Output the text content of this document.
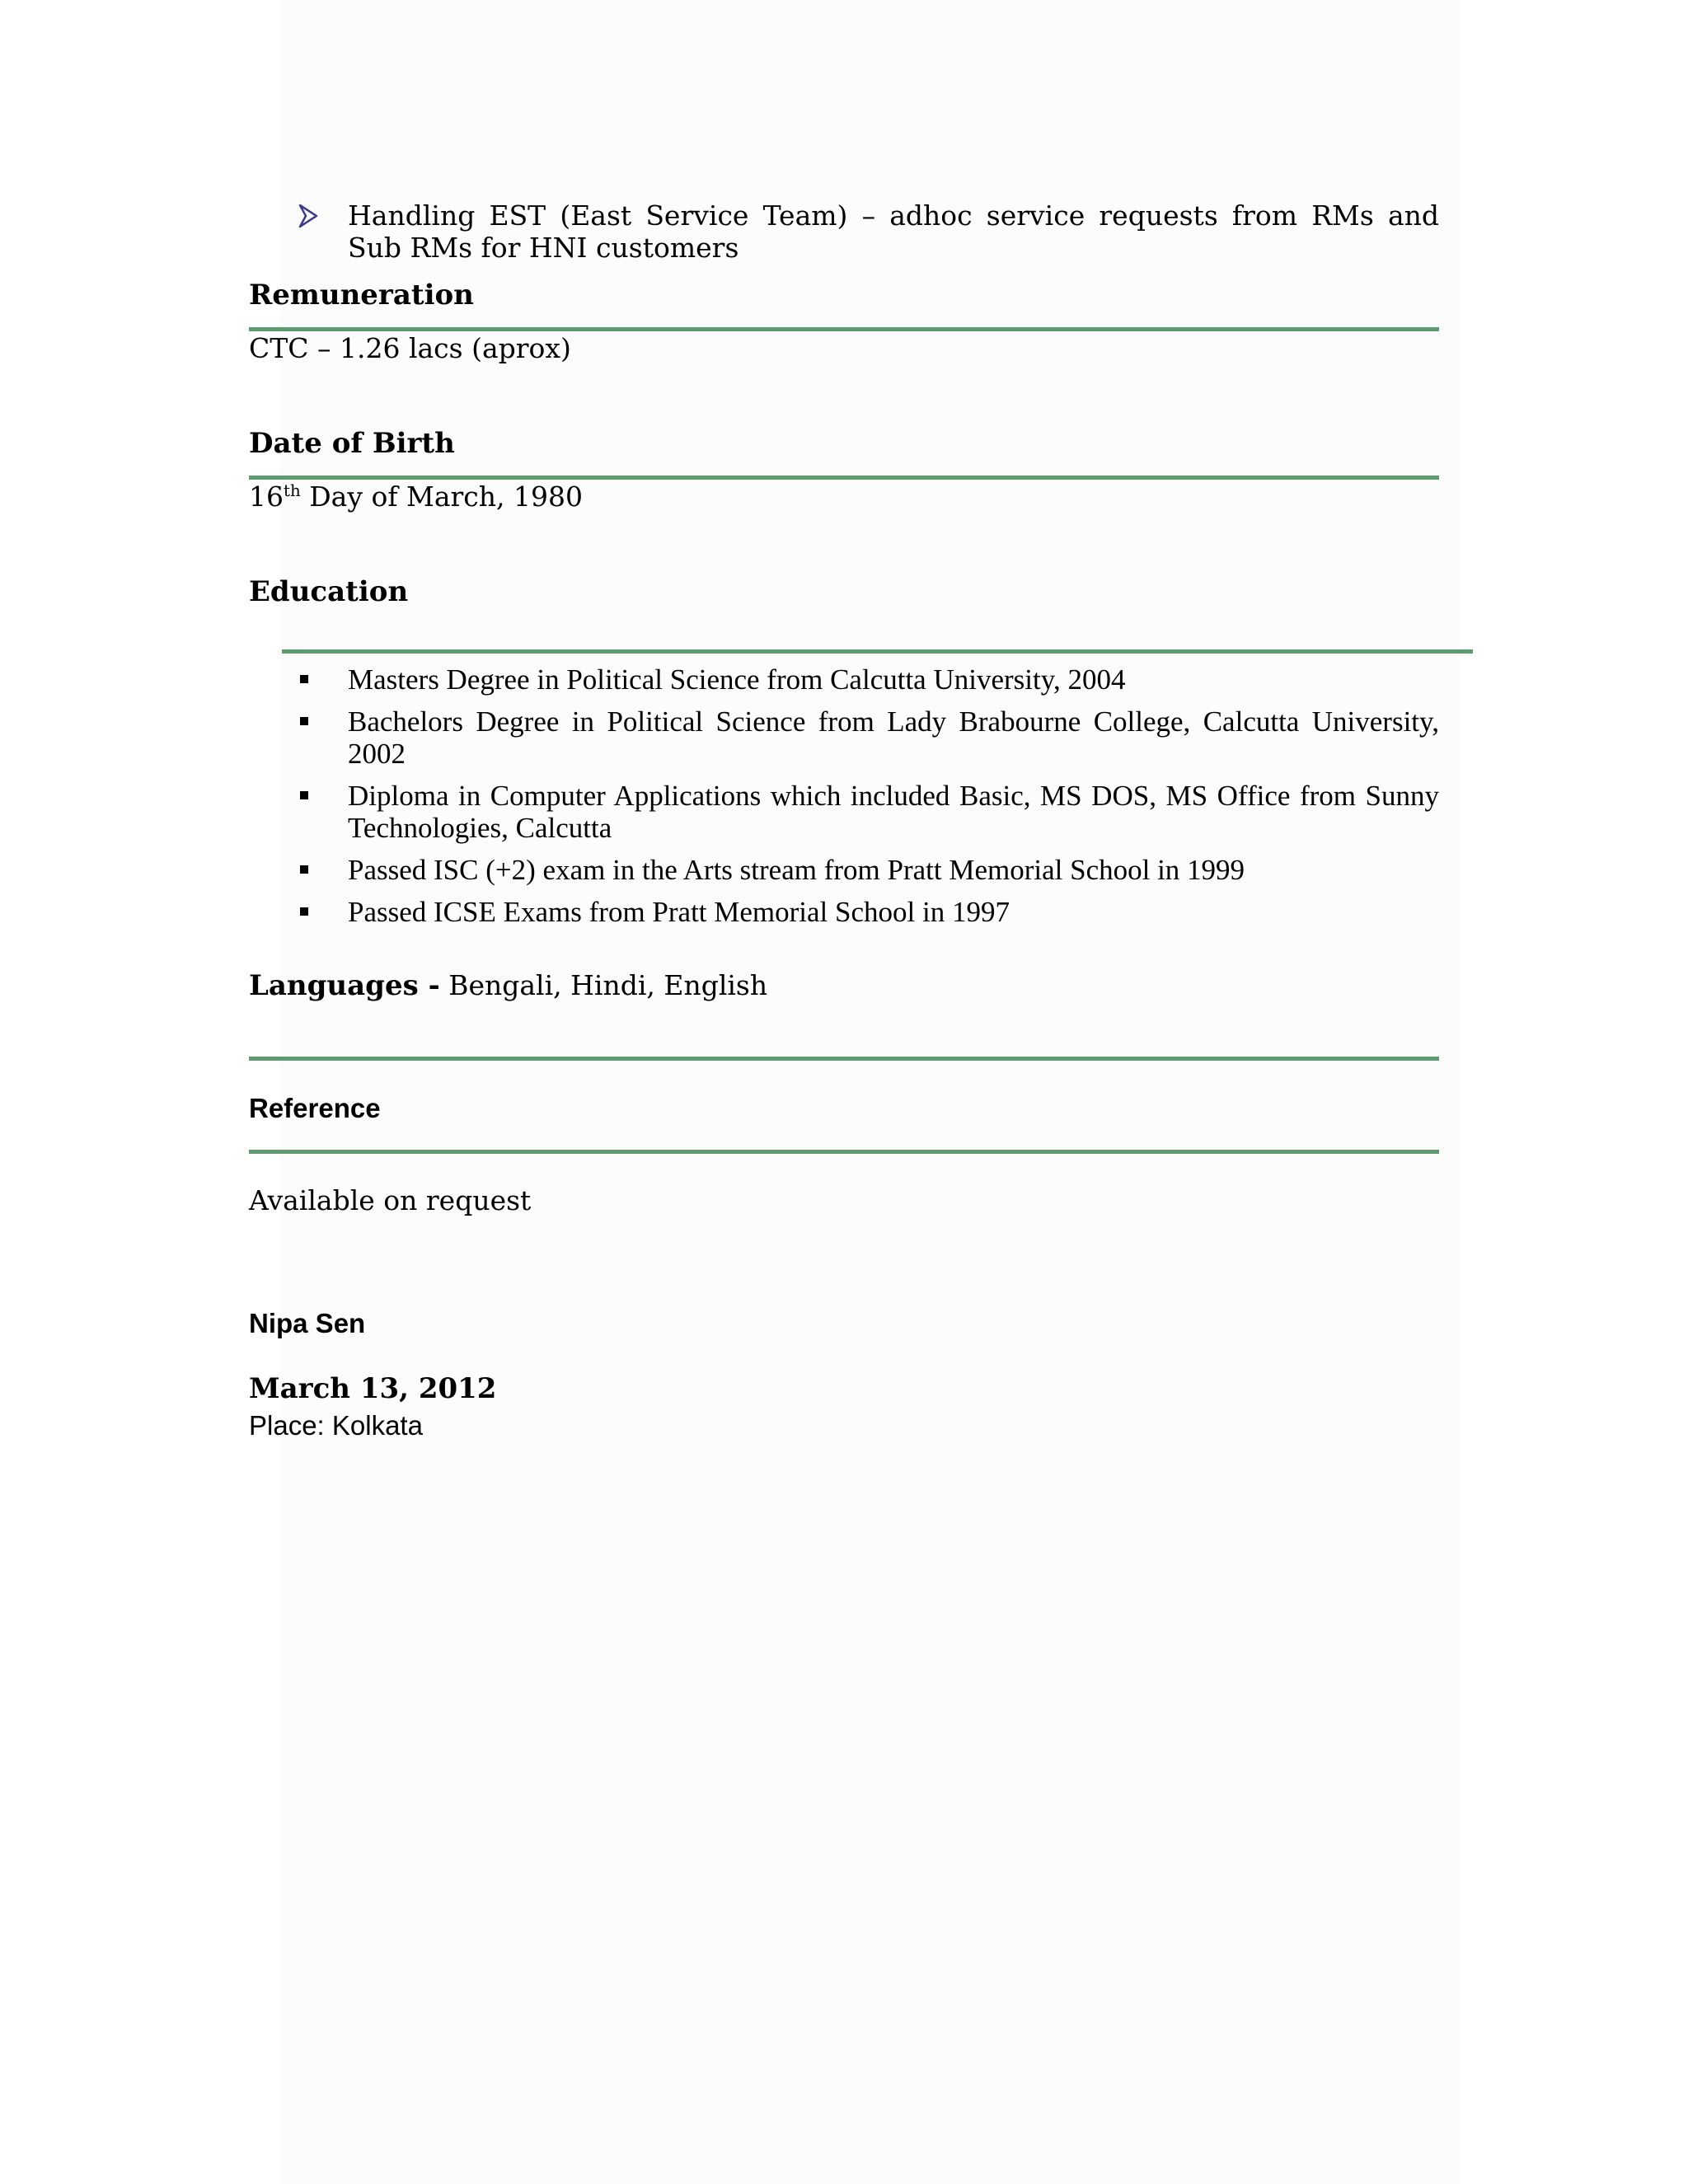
Handling EST (East Service Team) – adhoc service requests from RMs and Sub RMs for HNI customers
Remuneration
CTC – 1.26 lacs (aprox)
Date of Birth
16th Day of March, 1980
Education
Masters Degree in Political Science from Calcutta University, 2004
Bachelors Degree in Political Science from Lady Brabourne College, Calcutta University, 2002
Diploma in Computer Applications which included Basic, MS DOS, MS Office from Sunny Technologies, Calcutta
Passed ISC (+2) exam in the Arts stream from Pratt Memorial School in 1999
Passed ICSE Exams from Pratt Memorial School in 1997
Languages - Bengali, Hindi, English
Reference
Available on request
Nipa Sen
March 13, 2012
Place: Kolkata
